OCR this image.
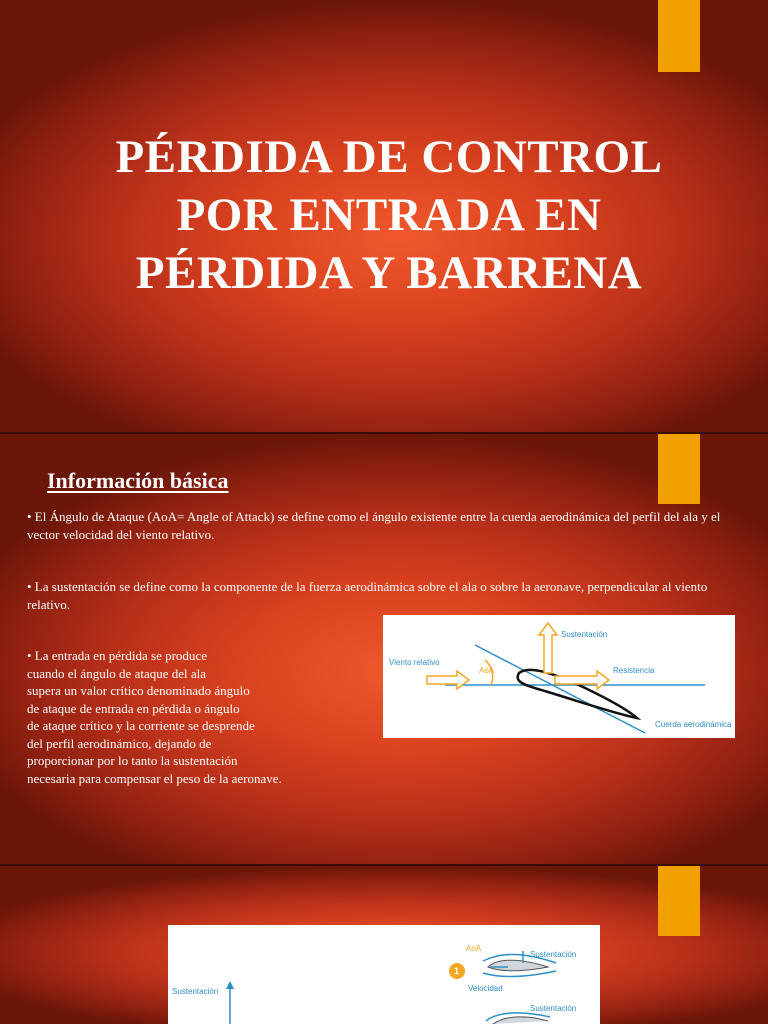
PÉRDIDA DE CONTROL
POR ENTRADA EN
PÉRDIDA Y BARRENA
Información básica
• El Ángulo de Ataque (AoA= Angle of Attack) se define como el ángulo existente entre la cuerda aerodinámica del perfil del ala y el vector velocidad del viento relativo.
• La sustentación se define como la componente de la fuerza aerodinámica sobre el ala o sobre la aeronave, perpendicular al viento relativo.
• La entrada en pérdida se produce
cuando el ángulo de ataque del ala
supera un valor crítico denominado ángulo
de ataque de entrada en pérdida o ángulo
de ataque crítico y la corriente se desprende
del perfil aerodinámico, dejando de
proporcionar por lo tanto la sustentación
necesaria para compensar el peso de la aeronave.
Viento relativo
AoA
Sustentación
Resistencia
Cuerda aerodinámica
Sustentación
1
AoA
Sustentación
Velocidad
Sustentación
